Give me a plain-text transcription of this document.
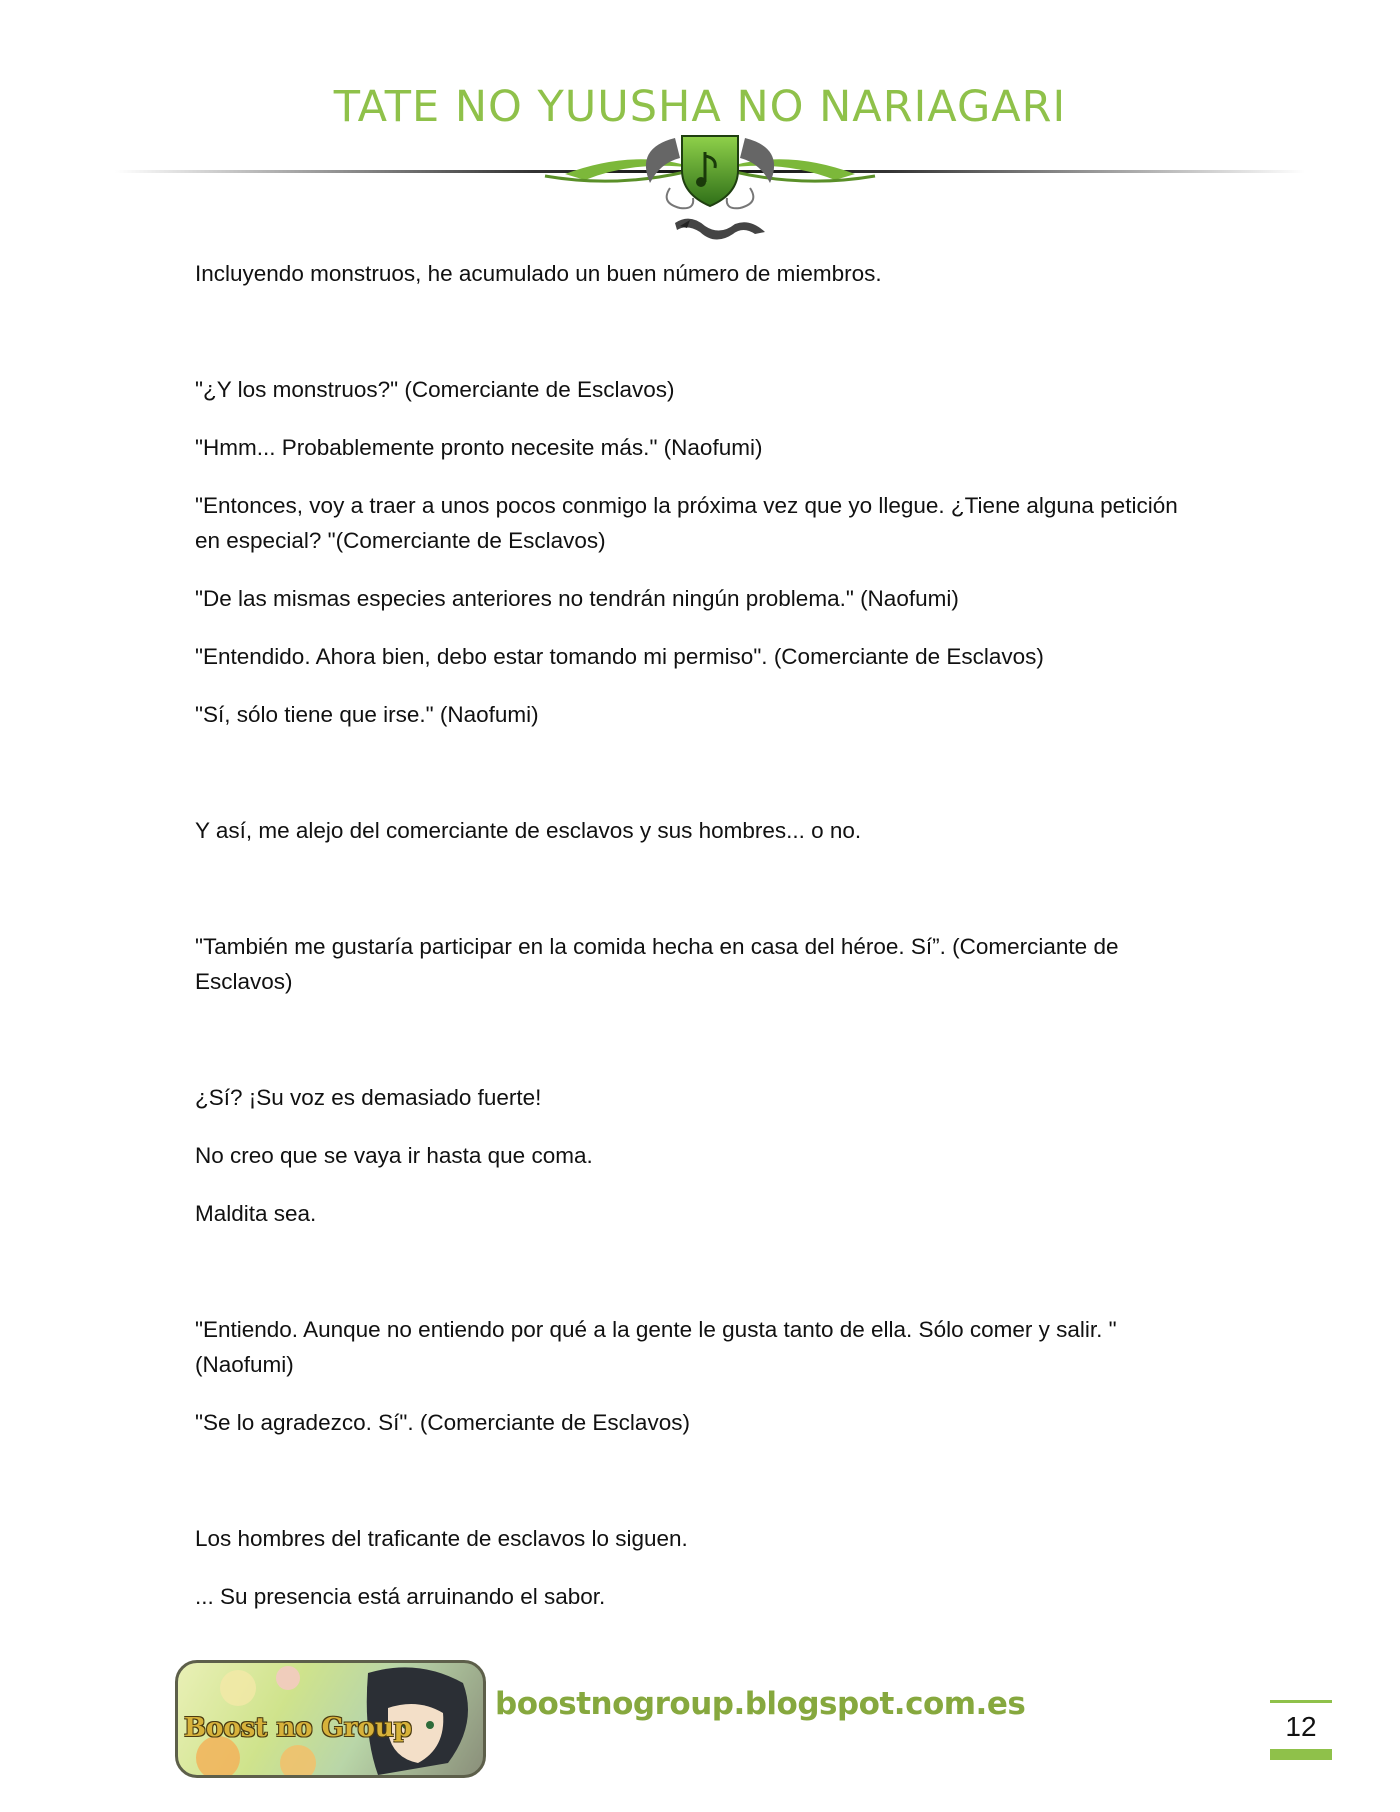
TATE NO YUUSHA NO NARIAGARI

Incluyendo monstruos, he acumulado un buen número de miembros.

"¿Y los monstruos?" (Comerciante de Esclavos)

"Hmm... Probablemente pronto necesite más." (Naofumi)

"Entonces, voy a traer a unos pocos conmigo la próxima vez que yo llegue. ¿Tiene alguna petición en especial? "(Comerciante de Esclavos)

"De las mismas especies anteriores no tendrán ningún problema." (Naofumi)

"Entendido. Ahora bien, debo estar tomando mi permiso". (Comerciante de Esclavos)

"Sí, sólo tiene que irse." (Naofumi)

Y así, me alejo del comerciante de esclavos y sus hombres... o no.

"También me gustaría participar en la comida hecha en casa del héroe. Sí”. (Comerciante de Esclavos)

¿Sí? ¡Su voz es demasiado fuerte!

No creo que se vaya ir hasta que coma.

Maldita sea.

"Entiendo. Aunque no entiendo por qué a la gente le gusta tanto de ella. Sólo comer y salir. "(Naofumi)

"Se lo agradezco. Sí". (Comerciante de Esclavos)

Los hombres del traficante de esclavos lo siguen.

... Su presencia está arruinando el sabor.

Boost no Group
boostnogroup.blogspot.com.es
12
